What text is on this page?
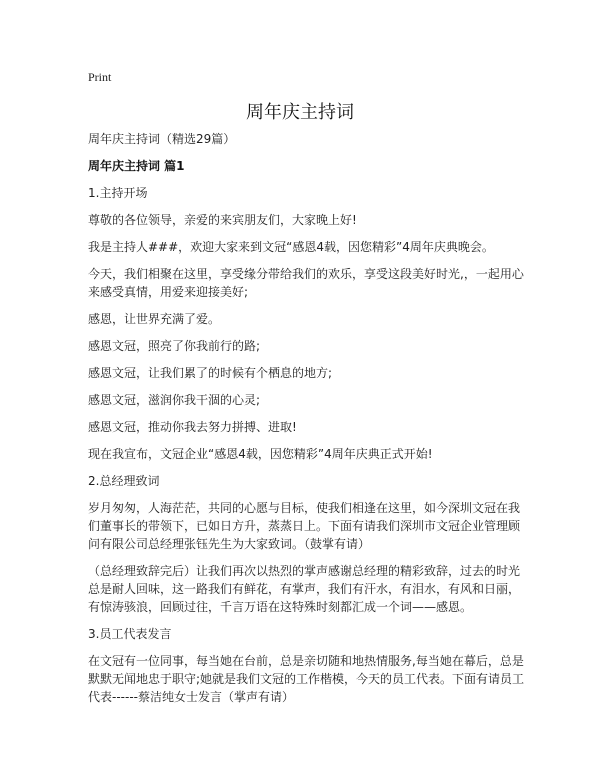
Print
周年庆主持词

周年庆主持词（精选29篇）

周年庆主持词 篇1

1.主持开场

尊敬的各位领导，亲爱的来宾朋友们，大家晚上好!

我是主持人###，欢迎大家来到文冠“感恩4载，因您精彩”4周年庆典晚会。

今天，我们相聚在这里，享受缘分带给我们的欢乐，享受这段美好时光,，一起用心来感受真情，用爱来迎接美好;

感恩，让世界充满了爱。

感恩文冠，照亮了你我前行的路;

感恩文冠，让我们累了的时候有个栖息的地方;

感恩文冠，滋润你我干涸的心灵;

感恩文冠，推动你我去努力拼搏、进取!

现在我宣布，文冠企业“感恩4载，因您精彩”4周年庆典正式开始!

2.总经理致词

岁月匆匆，人海茫茫，共同的心愿与目标，使我们相逢在这里，如今深圳文冠在我们董事长的带领下，已如日方升，蒸蒸日上。下面有请我们深圳市文冠企业管理顾问有限公司总经理张钰先生为大家致词。（鼓掌有请）

（总经理致辞完后）让我们再次以热烈的掌声感谢总经理的精彩致辞，过去的时光总是耐人回味，这一路我们有鲜花，有掌声，我们有汗水，有泪水，有风和日丽，有惊涛骇浪，回顾过往，千言万语在这特殊时刻都汇成一个词——感恩。

3.员工代表发言

在文冠有一位同事，每当她在台前，总是亲切随和地热情服务,每当她在幕后，总是默默无闻地忠于职守;她就是我们文冠的工作楷模，今天的员工代表。下面有请员工代表------蔡洁纯女士发言（掌声有请）
